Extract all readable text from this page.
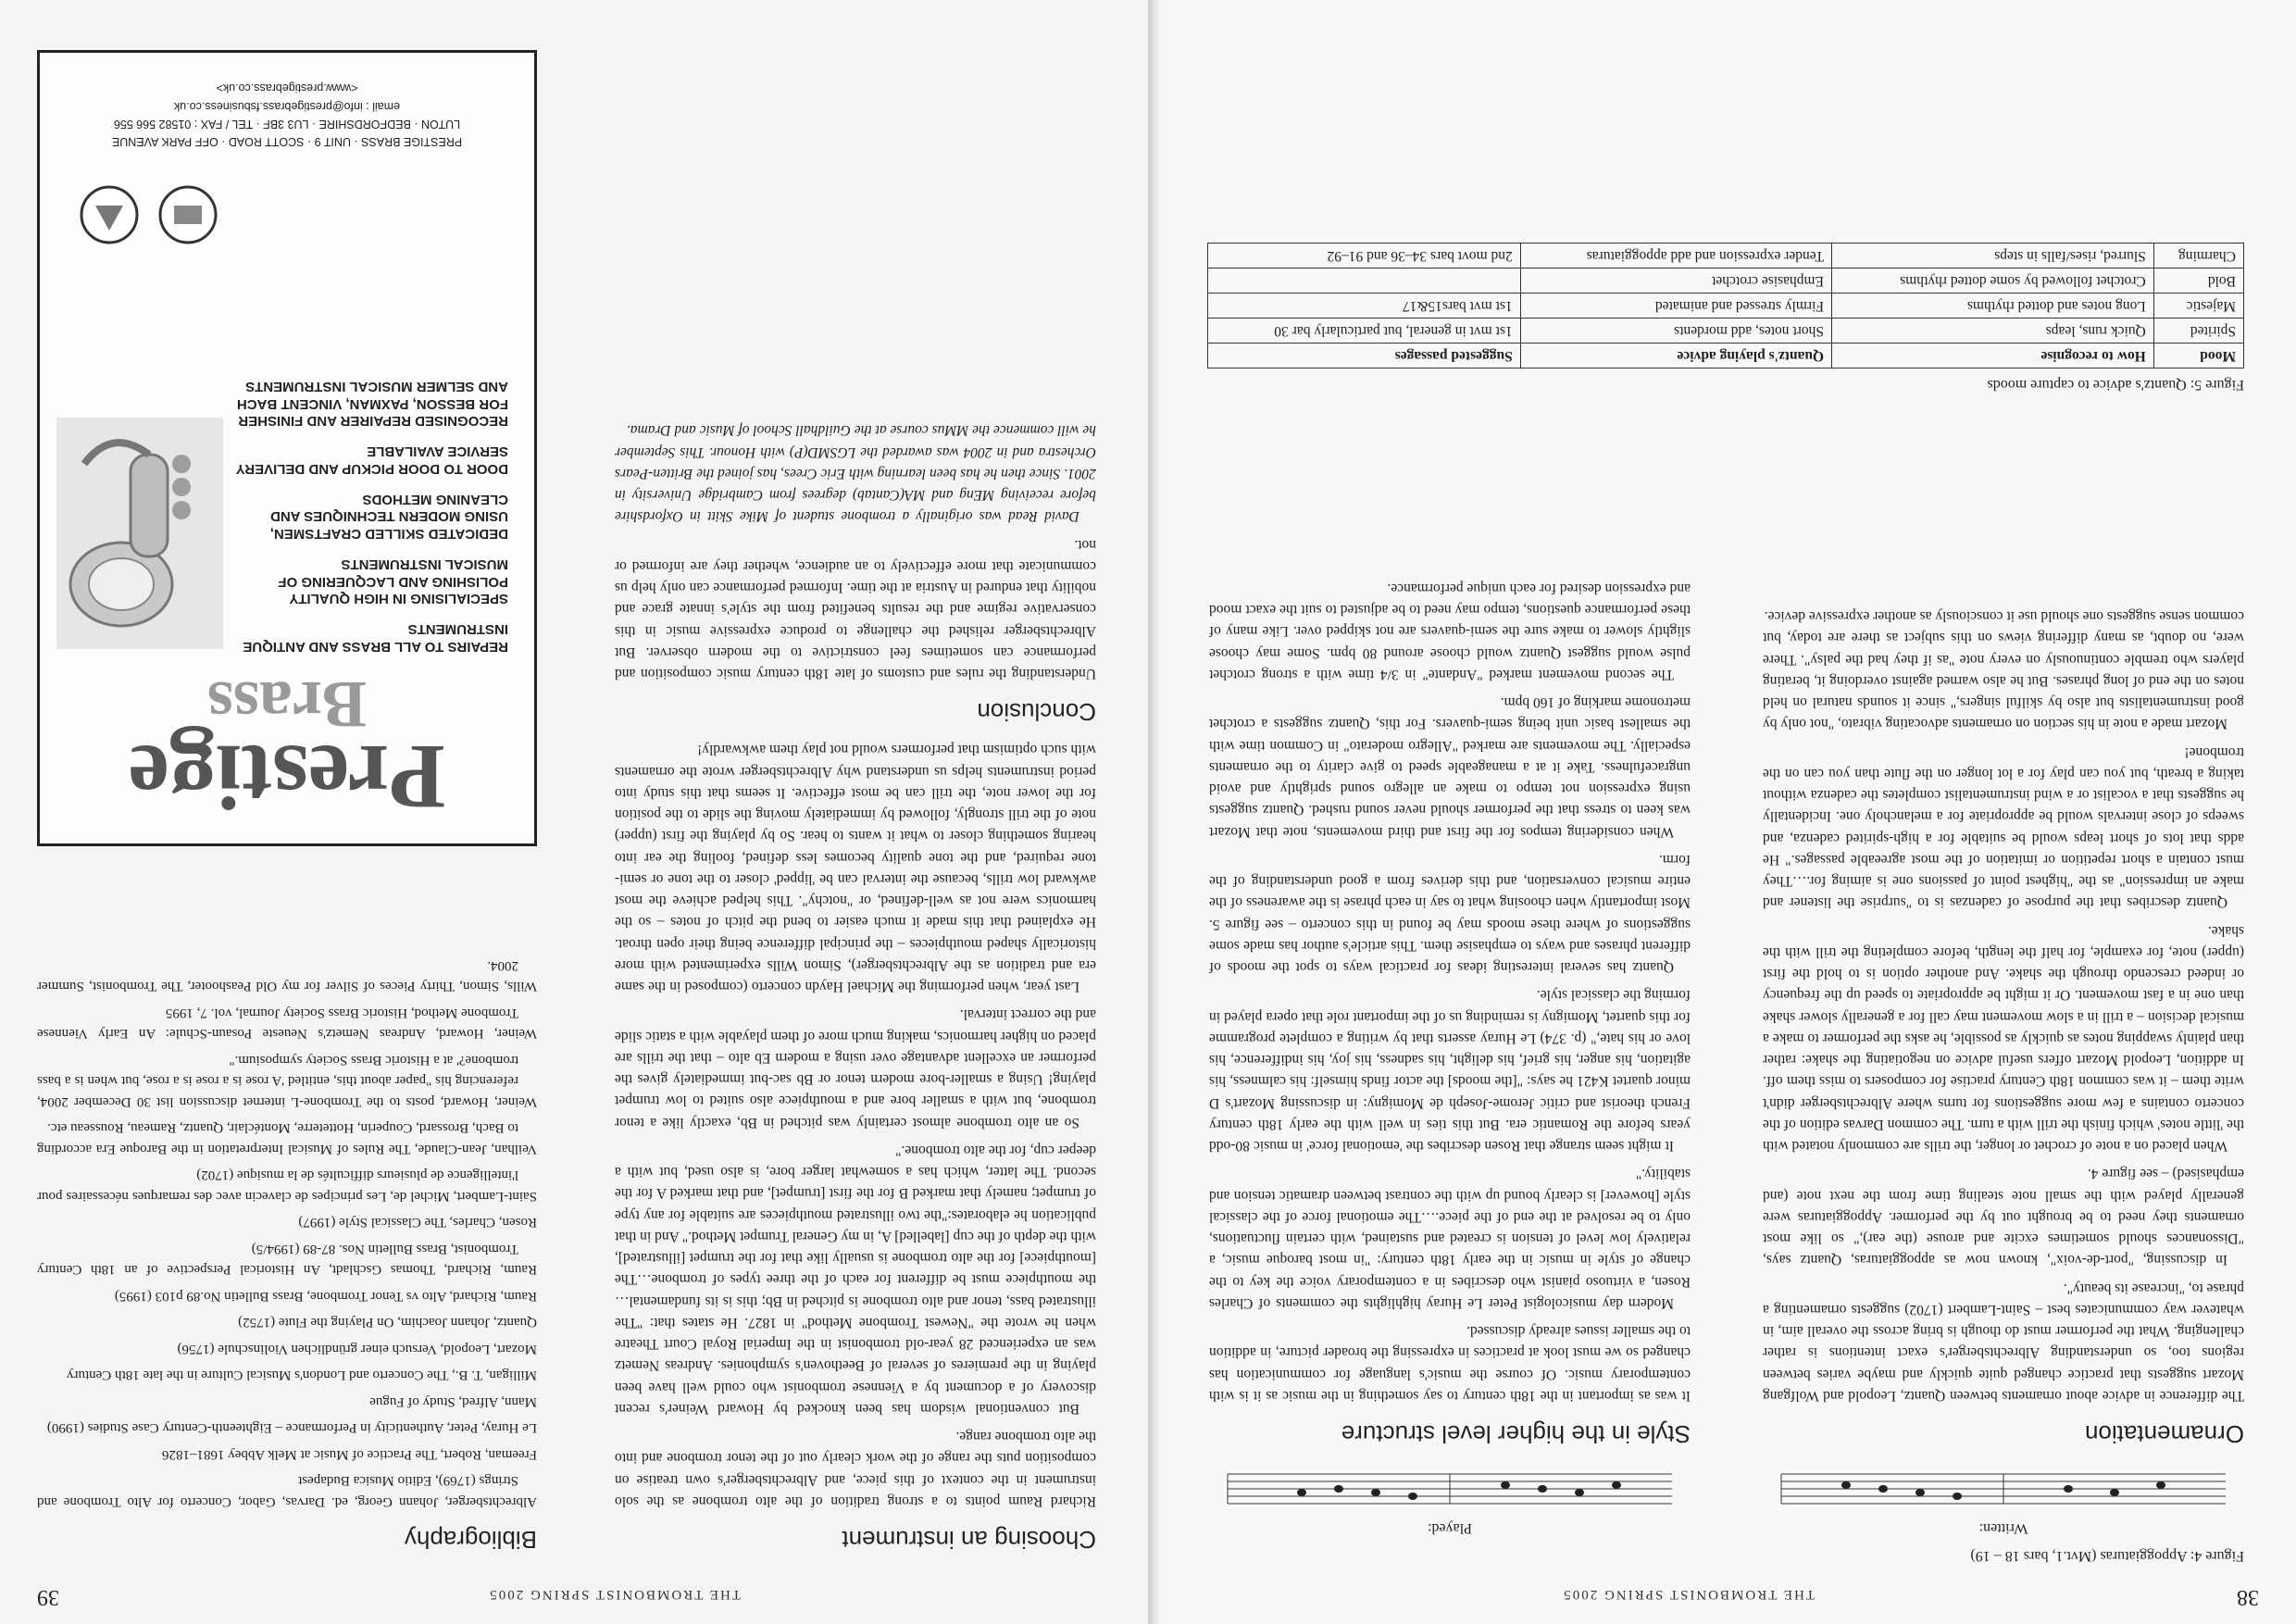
38
THE TROMBONIST SPRING 2005
Figure 4: Appoggiaturas (Mvt.1, bars 18 – 19)
Written:
Ornamentation

The difference in advice about ornaments between Quantz, Leopold and Wolfgang Mozart suggests that practice changed quite quickly and maybe varies between regions too, so understanding Albrechtsberger's exact intentions is rather challenging. What the performer must do though is bring across the overall aim, in whatever way communicates best – Saint-Lambert (1702) suggests ornamenting a phrase to, "increase its beauty".

In discussing, "port-de-voix", known now as appoggiaturas, Quantz says, "Dissonances should sometimes excite and arouse (the ear)," so like most ornaments they need to be brought out by the performer. Appoggiaturas were generally played with the small note stealing time from the next note (and emphasised) – see figure 4.

When placed on a note of crochet or longer, the trills are commonly notated with the 'little notes' which finish the trill with a turn. The common Darvas edition of the concerto contains a few more suggestions for turns where Albrechtsberger didn't write them – it was common 18th Century practise for composers to miss them off. In addition, Leopold Mozart offers useful advice on negotiating the shake: rather than plainly swapping notes as quickly as possible, he asks the performer to make a musical decision – a trill in a slow movement may call for a generally slower shake than one in a fast movement. Or it might be appropriate to speed up the frequency or indeed crescendo through the shake. And another option is to hold the first (upper) note, for example, for half the length, before completing the trill with the shake.

Quantz describes that the purpose of cadenzas is to "surprise the listener and make an impression" as the "highest point of passions one is aiming for.…They must contain a short repetition or imitation of the most agreeable passages." He adds that lots of short leaps would be suitable for a high-spirited cadenza, and sweeps of close intervals would be appropriate for a melancholy one. Incidentally he suggests that a vocalist or a wind instrumentalist completes the cadenza without taking a breath, but you can play for a lot longer on the flute than you can on the trombone!

Mozart made a note in his section on ornaments advocating vibrato, "not only by good instrumentalists but also by skilful singers," since it sounds natural on held notes on the end of long phrases. But he also warned against overdoing it, berating players who tremble continuously on every note "as if they had the palsy". There were, no doubt, as many differing views on this subject as there are today, but common sense suggests one should use it consciously as another expressive device.

Played:
Style in the higher level structure

It was as important in the 18th century to say something in the music as it is with contemporary music. Of course the music's language for communication has changed so we must look at practices in expressing the broader picture, in addition to the smaller issues already discussed.

Modern day musicologist Peter Le Huray highlights the comments of Charles Rosen, a virtuoso pianist who describes in a contemporary voice the key to the change of style in music in the early 18th century: "in most baroque music, a relatively low level of tension is created and sustained, with certain fluctuations, only to be resolved at the end of the piece.…The emotional force of the classical style [however] is clearly bound up with the contrast between dramatic tension and stability."

It might seem strange that Rosen describes the 'emotional force' in music 80-odd years before the Romantic era. But this ties in well with the early 18th century French theorist and critic Jerome-Joseph de Momigny: in discussing Mozart's D minor quartet K421 he says: "[the moods] the actor finds himself: his calmness, his agitation, his anger, his grief, his delight, his sadness, his joy, his indifference, his love or his hate," (p. 374) Le Huray asserts that by writing a complete programme for this quartet, Momigny is reminding us of the important role that opera played in forming the classical style.

Quantz has several interesting ideas for practical ways to spot the moods of different phrases and ways to emphasise them. This article's author has made some suggestions of where these moods may be found in this concerto – see figure 5. Most importantly when choosing what to say in each phrase is the awareness of the entire musical conversation, and this derives from a good understanding of the form.

When considering tempos for the first and third movements, note that Mozart was keen to stress that the performer should never sound rushed. Quantz suggests using expression not tempo to make an allegro sound sprightly and avoid ungracefulness. Take it at a manageable speed to give clarity to the ornaments especially. The movements are marked "Allegro moderato" in Common time with the smallest basic unit being semi-quavers. For this, Quantz suggests a crotchet metronome marking of 160 bpm.

The second movement marked "Andante" in 3/4 time with a strong crotchet pulse would suggest Quantz would choose around 80 bpm. Some may choose slightly slower to make sure the semi-quavers are not skipped over. Like many of these performance questions, tempo may need to be adjusted to suit the exact mood and expression desired for each unique performance.

Figure 5: Quantz's advice to capture moods
Mood	How to recognise	Quantz's playing advice	Suggested passages
Spirited	Quick runs, leaps	Short notes, add mordents	1st mvt in general, but particularly bar 30
Majestic	Long notes and dotted rhythms	Firmly stressed and animated	1st mvt bars15&17
Bold	Crotchet followed by some dotted rhythms	Emphasise crotchet	
Charming	Slurred, rises/falls in steps	Tender expression and add appoggiaturas	2nd movt bars 34–36 and 91–92
THE TROMBONIST SPRING 2005
39
Choosing an instrument

Richard Raum points to a strong tradition of the alto trombone as the solo instrument in the context of this piece, and Albrechtsberger's own treatise on composition puts the range of the work clearly out of the tenor trombone and into the alto trombone range.

But conventional wisdom has been knocked by Howard Weiner's recent discovery of a document by a Viennese trombonist who could well have been playing in the premieres of several of Beethoven's symphonies. Andreas Nemetz was an experienced 28 year-old trombonist in the Imperial Royal Court Theatre when he wrote the "Newest Trombone Method" in 1827. He states that: "The illustrated bass, tenor and alto trombone is pitched in Bb; this is its fundamental…the mouthpiece must be different for each of the three types of trombone…The [mouthpiece] for the alto trombone is usually like that for the trumpet [illustrated], with the depth of the cup [labelled] A, in my General Trumpet Method." And in that publication he elaborates:"the two illustrated mouthpieces are suitable for any type of trumpet; namely that marked B for the first [trumpet], and that marked A for the second. The latter, which has a somewhat larger bore, is also used, but with a deeper cup, for the alto trombone."

So an alto trombone almost certainly was pitched in Bb, exactly like a tenor trombone, but with a smaller bore and a mouthpiece also suited to low trumpet playing! Using a smaller-bore modern tenor or Bb sac-but immediately gives the performer an excellent advantage over using a modern Eb alto – that the trills are placed on higher harmonics, making much more of them playable with a static slide and the correct interval.

Last year, when performing the Michael Haydn concerto (composed in the same era and tradition as the Albrechtsberger), Simon Wills experimented with more historically shaped mouthpieces – the principal difference being their open throat. He explained that this made it much easier to bend the pitch of notes – so the harmonics were not as well-defined, or "notchy". This helped achieve the most awkward low trills, because the interval can be 'lipped' closer to the tone or semi-tone required, and the tone quality becomes less defined, fooling the ear into hearing something closer to what it wants to hear. So by playing the first (upper) note of the trill strongly, followed by immediately moving the slide to the position for the lower note, the trill can be most effective. It seems that this study into period instruments helps us understand why Albrechtsberger wrote the ornaments with such optimism that performers would not play them awkwardly!

Conclusion

Understanding the rules and customs of late 18th century music composition and performance can sometimes feel constrictive to the modern observer. But Albrechtsberger relished the challenge to produce expressive music in this conservative regime and the results benefited from the style's innate grace and nobility that endured in Austria at the time. Informed performance can only help us communicate that more effectively to an audience, whether they are informed or not.

David Read was originally a trombone student of Mike Skitt in Oxfordshire before receiving MEng and MA(Cantab) degrees from Cambridge University in 2001. Since then he has been learning with Eric Crees, has joined the Britten-Pears Orchestra and in 2004 was awarded the LGSMD(P) with Honour. This September he will commence the MMus course at the Guildhall School of Music and Drama.

Bibliography

Albrechtsberger, Johann Georg, ed. Darvas, Gabor, Concerto for Alto Trombone and Strings (1769), Editio Musica Budapest

Freeman, Robert, The Practice of Music at Melk Abbey 1681–1826

Le Huray, Peter, Authenticity in Performance – Eighteenth-Century Case Studies (1990)

Mann, Alfred, Study of Fugue

Milligan, T. B., The Concerto and London's Musical Culture in the late 18th Century

Mozart, Leopold, Versuch einer gründlichen Violinschule (1756)

Quantz, Johann Joachim, On Playing the Flute (1752)

Raum, Richard, Alto vs Tenor Trombone, Brass Bulletin No.89 p103 (1995)

Raum, Richard, Thomas Gschladt, An Historical Perspective of an 18th Century Trombonist, Brass Bulletin Nos. 87-89 (1994/5)

Rosen, Charles, The Classical Style (1997)

Saint-Lambert, Michel de, Les principes de clavecin avec des remarques nécessaires pour l'intelligence de plusieurs difficultés de la musique (1702)

Veilhan, Jean-Claude, The Rules of Musical Interpretation in the Baroque Era according to Bach, Brossard, Couperin, Hotteterre, Montéclair, Quantz, Rameau, Rousseau etc.

Weiner, Howard, posts to the Trombone-L internet discussion list 30 December 2004, referencing his "paper about this, entitled 'A rose is a rose is a rose, but when is a bass trombone?' at a Historic Brass Society symposium."

Weiner, Howard, Andreas Nemetz's Neueste Posaun-Schule: An Early Viennese Trombone Method, Historic Brass Society Journal, vol. 7, 1995

Wills, Simon, Thirty Pieces of Silver for my Old Peashooter, The Trombonist, Summer 2004.

Prestige
Brass
REPAIRS TO ALL BRASS AND ANTIQUE INSTRUMENTS
SPECIALISING IN HIGH QUALITY POLISHING AND LACQUERING OF MUSICAL INSTRUMENTS
DEDICATED SKILLED CRAFTSMEN, USING MODERN TECHNIQUES AND CLEANING METHODS
DOOR TO DOOR PICKUP AND DELIVERY SERVICE AVAILABLE
RECOGNISED REPAIRER AND FINISHER FOR BESSON, PAXMAN, VINCENT BACH AND SELMER MUSICAL INSTRUMENTS
PRESTIGE BRASS · UNIT 9 · SCOTT ROAD · OFF PARK AVENUE
LUTON · BEDFORDSHIRE · LU3 3BF · TEL / FAX : 01582 566 556
email : info@prestigebrass.fsbusiness.co.uk
<www.prestigebrass.co.uk>
